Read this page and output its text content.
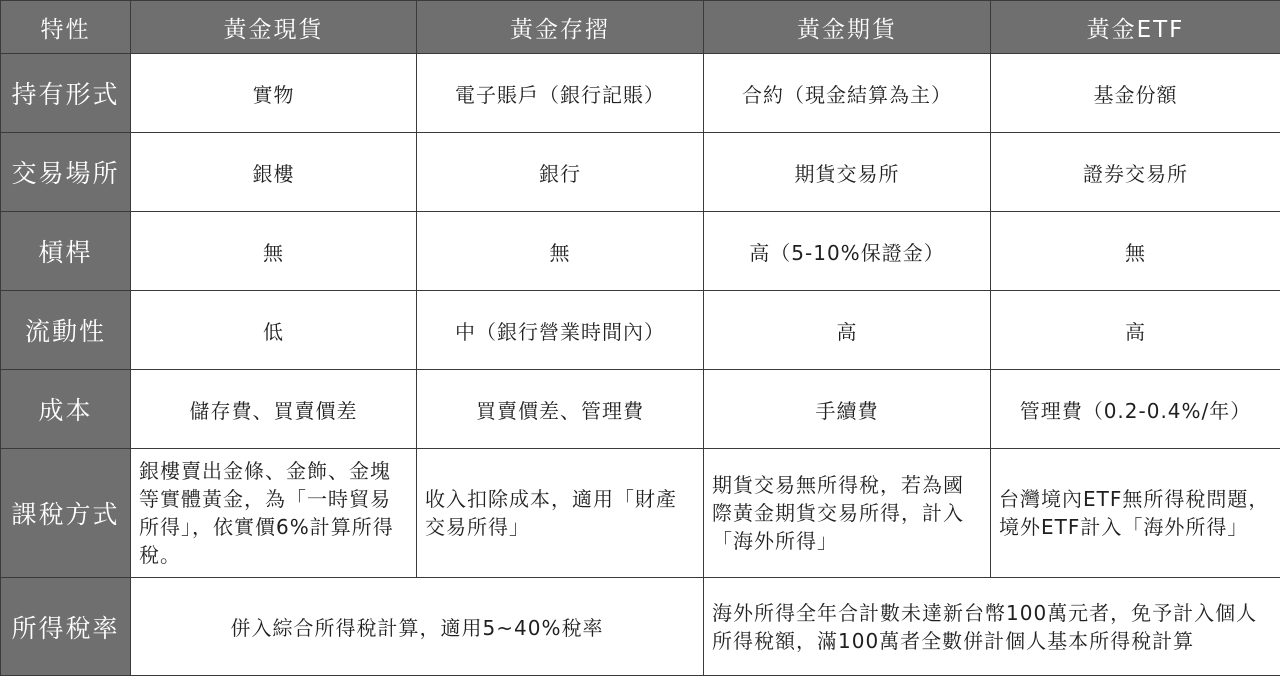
特性	黃金現貨	黃金存摺	黃金期貨	黃金ETF
持有形式	實物	電子賬戶（銀行記賬）	合約（現金結算為主）	基金份額
交易場所	銀樓	銀行	期貨交易所	證券交易所
槓桿	無	無	高（5-10%保證金）	無
流動性	低	中（銀行營業時間內）	高	高
成本	儲存費、買賣價差	買賣價差、管理費	手續費	管理費（0.2-0.4%/年）
課稅方式	銀樓賣出金條、金飾、金塊等實體黃金，為「一時貿易所得」，依實價6%計算所得稅。	收入扣除成本，適用「財產交易所得」	期貨交易無所得稅，若為國際黃金期貨交易所得，計入「海外所得」	台灣境內ETF無所得稅問題，境外ETF計入「海外所得」
所得稅率	併入綜合所得稅計算，適用5~40%稅率		海外所得全年合計數未達新台幣100萬元者，免予計入個人所得稅額，滿100萬者全數併計個人基本所得稅計算	
